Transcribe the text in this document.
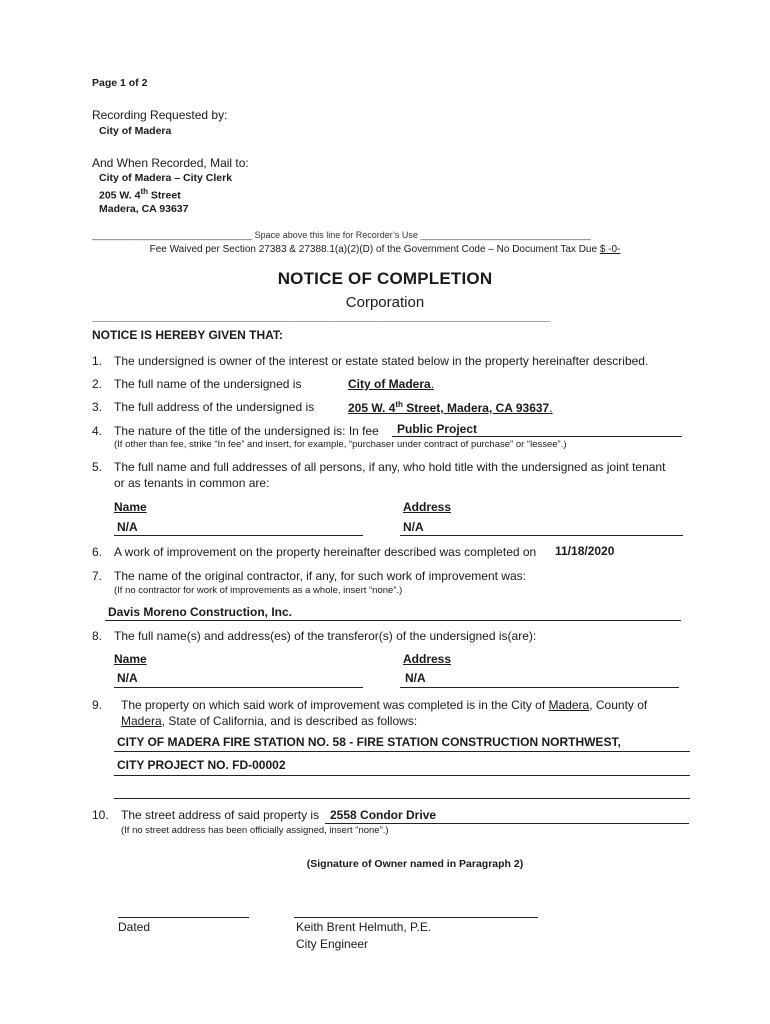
Page 1 of 2
Recording Requested by:
City of Madera
And When Recorded, Mail to:
City of Madera – City Clerk
205 W. 4th Street
Madera, CA 93637
________________________________ Space above this line for Recorder’s Use __________________________________
Fee Waived per Section 27383 & 27388.1(a)(2)(D) of the Government Code – No Document Tax Due $ -0-
NOTICE OF COMPLETION
Corporation
_______________________________________________________________________________________________________
NOTICE IS HEREBY GIVEN THAT:
1. The undersigned is owner of the interest or estate stated below in the property hereinafter described.
2. The full name of the undersigned is	City of Madera.
3. The full address of the undersigned is	205 W. 4th Street, Madera, CA 93637.
4. The nature of the title of the undersigned is: In fee Public Project
(If other than fee, strike “In fee” and insert, for example, “purchaser under contract of purchase” or “lessee”.)
5. The full name and full addresses of all persons, if any, who hold title with the undersigned as joint tenant
or as tenants in common are:
Name	Address
N/A	N/A
6. A work of improvement on the property hereinafter described was completed on 11/18/2020
7. The name of the original contractor, if any, for such work of improvement was:
(If no contractor for work of improvements as a whole, insert “none”.)
Davis Moreno Construction, Inc.
8. The full name(s) and address(es) of the transferor(s) of the undersigned is(are):
Name	Address
N/A	N/A
9. The property on which said work of improvement was completed is in the City of Madera, County of
Madera, State of California, and is described as follows:
CITY OF MADERA FIRE STATION NO. 58 - FIRE STATION CONSTRUCTION NORTHWEST,
CITY PROJECT NO. FD-00002
10. The street address of said property is 2558 Condor Drive
(If no street address has been officially assigned, insert “none”.)
(Signature of Owner named in Paragraph 2)
Dated	Keith Brent Helmuth, P.E.
City Engineer
